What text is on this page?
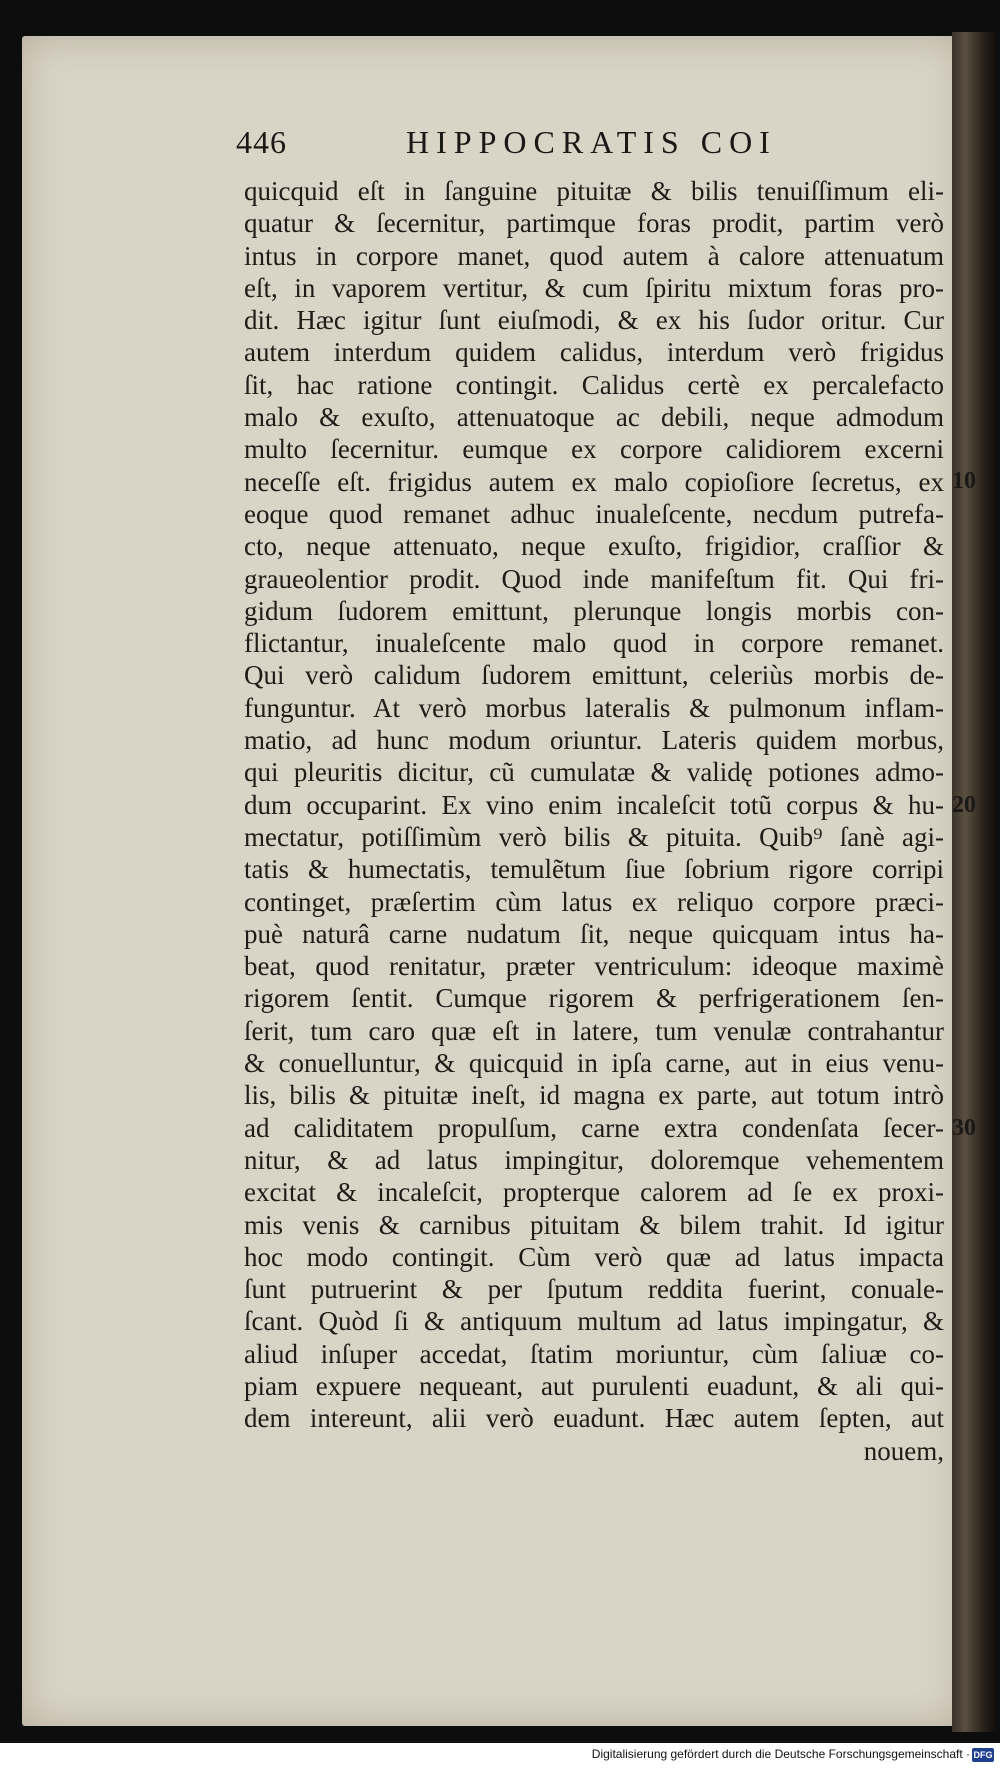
446	HIPPOCRATIS COI
quicquid eſt in ſanguine pituitæ & bilis tenuiſſimum eli-
quatur & ſecernitur, partimque foras prodit, partim verò
intus in corpore manet, quod autem à calore attenuatum
eſt, in vaporem vertitur, & cum ſpiritu mixtum foras pro-
dit. Hæc igitur ſunt eiuſmodi, & ex his ſudor oritur. Cur
autem interdum quidem calidus, interdum verò frigidus
ſit, hac ratione contingit. Calidus certè ex percalefacto
malo & exuſto, attenuatoque ac debili, neque admodum
multo ſecernitur. eumque ex corpore calidiorem excerni
neceſſe eſt. frigidus autem ex malo copioſiore ſecretus, ex
eoque quod remanet adhuc inualeſcente, necdum putrefa-
cto, neque attenuato, neque exuſto, frigidior, craſſior &
graueolentior prodit. Quod inde manifeſtum fit. Qui fri-
gidum ſudorem emittunt, plerunque longis morbis con-
flictantur, inualeſcente malo quod in corpore remanet.
Qui verò calidum ſudorem emittunt, celeriùs morbis de-
funguntur. At verò morbus lateralis & pulmonum inflam-
matio, ad hunc modum oriuntur. Lateris quidem morbus,
qui pleuritis dicitur, cũ cumulatæ & validę potiones admo-
dum occuparint. Ex vino enim incaleſcit totũ corpus & hu-
mectatur, potiſſimùm verò bilis & pituita. Quib⁹ ſanè agi-
tatis & humectatis, temulẽtum ſiue ſobrium rigore corripi
continget, præſertim cùm latus ex reliquo corpore præci-
puè naturâ carne nudatum ſit, neque quicquam intus ha-
beat, quod renitatur, præter ventriculum: ideoque maximè
rigorem ſentit. Cumque rigorem & perfrigerationem ſen-
ſerit, tum caro quæ eſt in latere, tum venulæ contrahantur
& conuelluntur, & quicquid in ipſa carne, aut in eius venu-
lis, bilis & pituitæ ineſt, id magna ex parte, aut totum intrò
ad caliditatem propulſum, carne extra condenſata ſecer-
nitur, & ad latus impingitur, doloremque vehementem
excitat & incaleſcit, propterque calorem ad ſe ex proxi-
mis venis & carnibus pituitam & bilem trahit. Id igitur
hoc modo contingit. Cùm verò quæ ad latus impacta
ſunt putruerint & per ſputum reddita fuerint, conuale-
ſcant. Quòd ſi & antiquum multum ad latus impingatur, &
aliud inſuper accedat, ſtatim moriuntur, cùm ſaliuæ co-
piam expuere nequeant, aut purulenti euadunt, & ali qui-
dem intereunt, alii verò euadunt. Hæc autem ſepten, aut
nouem,
10
20
30
Digitalisierung gefördert durch die Deutsche Forschungsgemeinschaft · DFG
